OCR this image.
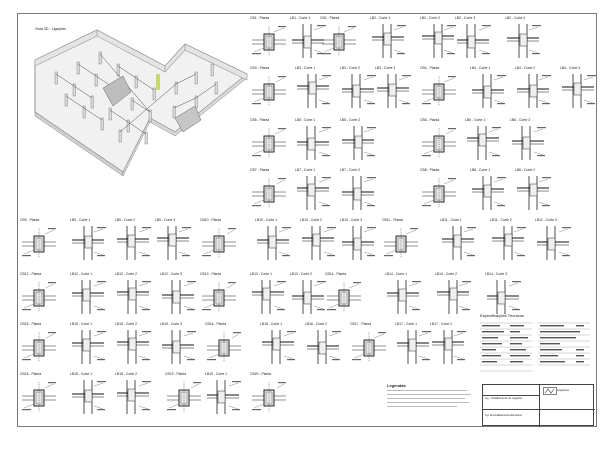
Vista 3D - Ligações
CB1 - Planta	LB1 - Corte 1	CB2 - Planta	LB2 - Corte 1	LB2 - Corte 2	LB2 - Corte 3	LB2 - Corte 4
CB3 - Planta	LB3 - Corte 1	LB3 - Corte 2	LB3 - Corte 3	CB4 - Planta	LB4 - Corte 1	LB4 - Corte 2	LB4 - Corte 3
CB5 - Planta	LB5 - Corte 1	LB5 - Corte 2	CB6 - Planta	LB6 - Corte 1	LB6 - Corte 2
CB7 - Planta	LB7 - Corte 1	LB7 - Corte 2	CB8 - Planta	LB8 - Corte 1	LB8 - Corte 2
CB9 - Planta	LB9 - Corte 1	LB9 - Corte 2	LB9 - Corte 3	CB10 - Planta	LB10 - Corte 1	LB10 - Corte 2	LB10 - Corte 3	CB11 - Planta	LB11 - Corte 1	LB11 - Corte 2	LB11 - Corte 3
CB12 - Planta	LB12 - Corte 1	LB12 - Corte 2	LB12 - Corte 3	CB13 - Planta	LB13 - Corte 1	LB13 - Corte 2	CB14 - Planta	LB14 - Corte 1	LB14 - Corte 2	LB14 - Corte 3
CB15 - Planta	LB15 - Corte 1	LB15 - Corte 2	LB15 - Corte 3	CB16 - Planta	LB16 - Corte 1	LB16 - Corte 2	CB17 - Planta	LB17 - Corte 1	LB17 - Corte 2
CB18 - Planta	LB18 - Corte 1	LB18 - Corte 2	CB19 - Planta	LB19 - Corte 1	CB20 - Planta
Legendas
Especificações Técnicas
Lig. - Detalhamento de Ligações
Ligações
Lig. de Detalhamento Estrutural
